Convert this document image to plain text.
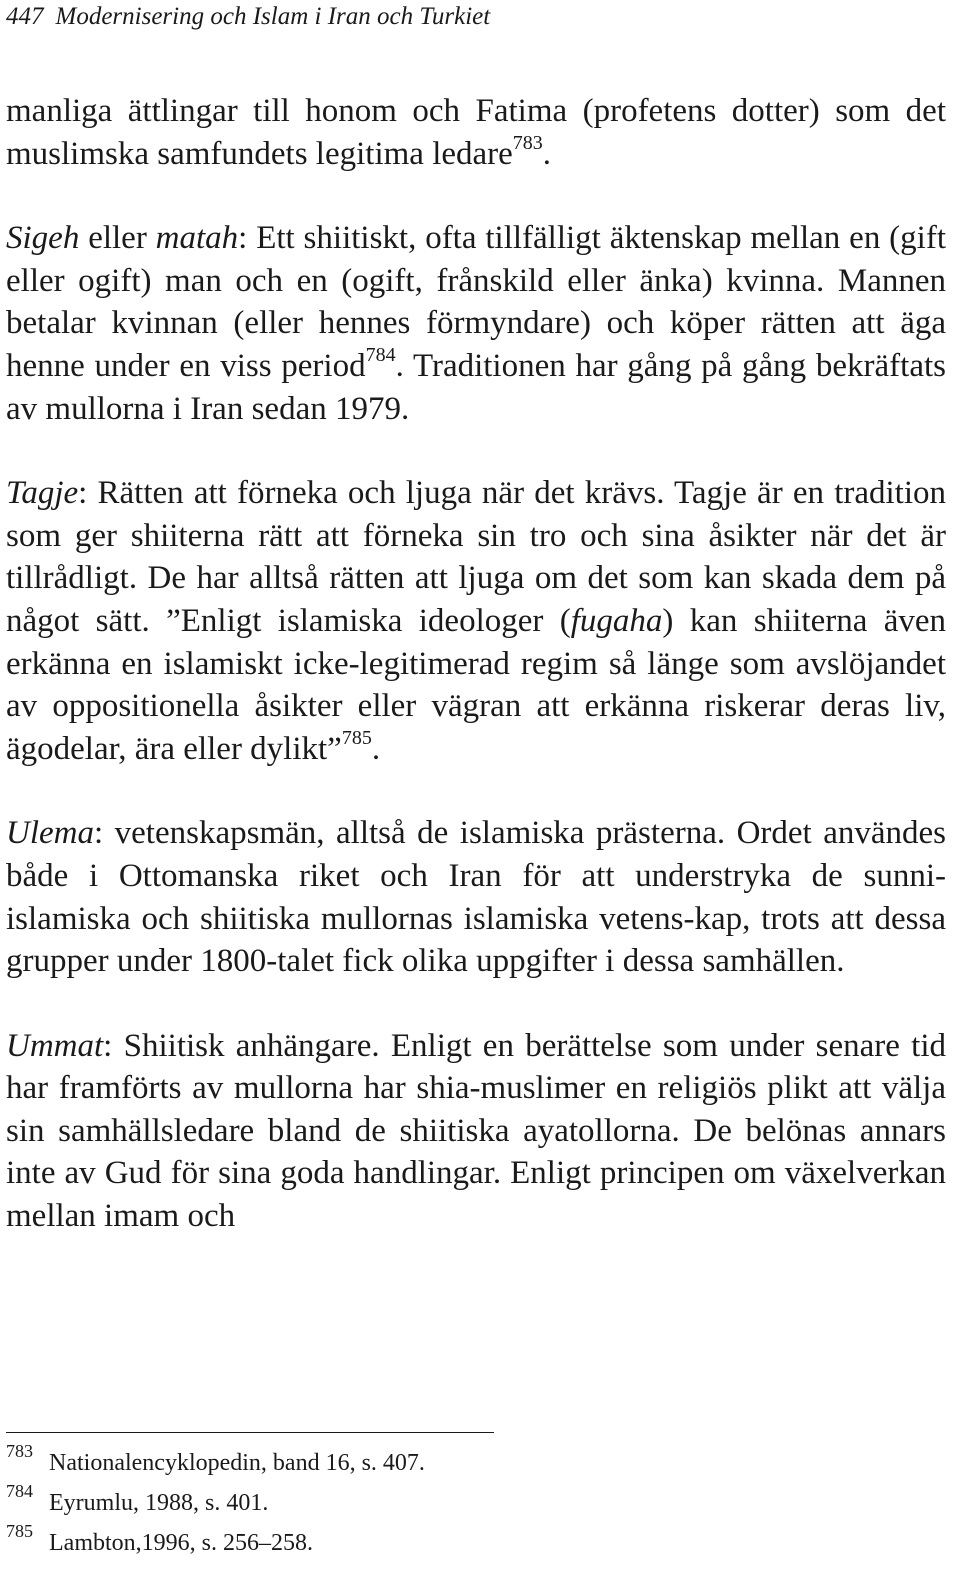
447 Modernisering och Islam i Iran och Turkiet

manliga ättlingar till honom och Fatima (profetens dotter) som det muslimska samfundets legitima ledare$^{783}$.

Sigeh eller matah: Ett shiitiskt, ofta tillfälligt äktenskap mellan en (gift eller ogift) man och en (ogift, frånskild eller änka) kvinna. Mannen betalar kvinnan (eller hennes förmyndare) och köper rätten att äga henne under en viss period$^{784}$. Traditionen har gång på gång bekräftats av mullorna i Iran sedan 1979.

Tagje: Rätten att förneka och ljuga när det krävs. Tagje är en tradition som ger shiiterna rätt att förneka sin tro och sina åsikter när det är tillrådligt. De har alltså rätten att ljuga om det som kan skada dem på något sätt. ”Enligt islamiska ideologer (fugaha) kan shiiterna även erkänna en islamiskt icke-legitimerad regim så länge som avslöjandet av oppositionella åsikter eller vägran att erkänna riskerar deras liv, ägodelar, ära eller dylikt”$^{785}$.

Ulema: vetenskapsmän, alltså de islamiska prästerna. Ordet användes både i Ottomanska riket och Iran för att understryka de sunni-islamiska och shiitiska mullornas islamiska vetens-kap, trots att dessa grupper under 1800-talet fick olika uppgifter i dessa samhällen.

Ummat: Shiitisk anhängare. Enligt en berättelse som under senare tid har framförts av mullorna har shia-muslimer en religiös plikt att välja sin samhällsledare bland de shiitiska ayatollorna. De belönas annars inte av Gud för sina goda handlingar. Enligt principen om växelverkan mellan imam och

$^{783}$ Nationalencyklopedin, band 16, s. 407.
$^{784}$ Eyrumlu, 1988, s. 401.
$^{785}$ Lambton,1996, s. 256–258.
